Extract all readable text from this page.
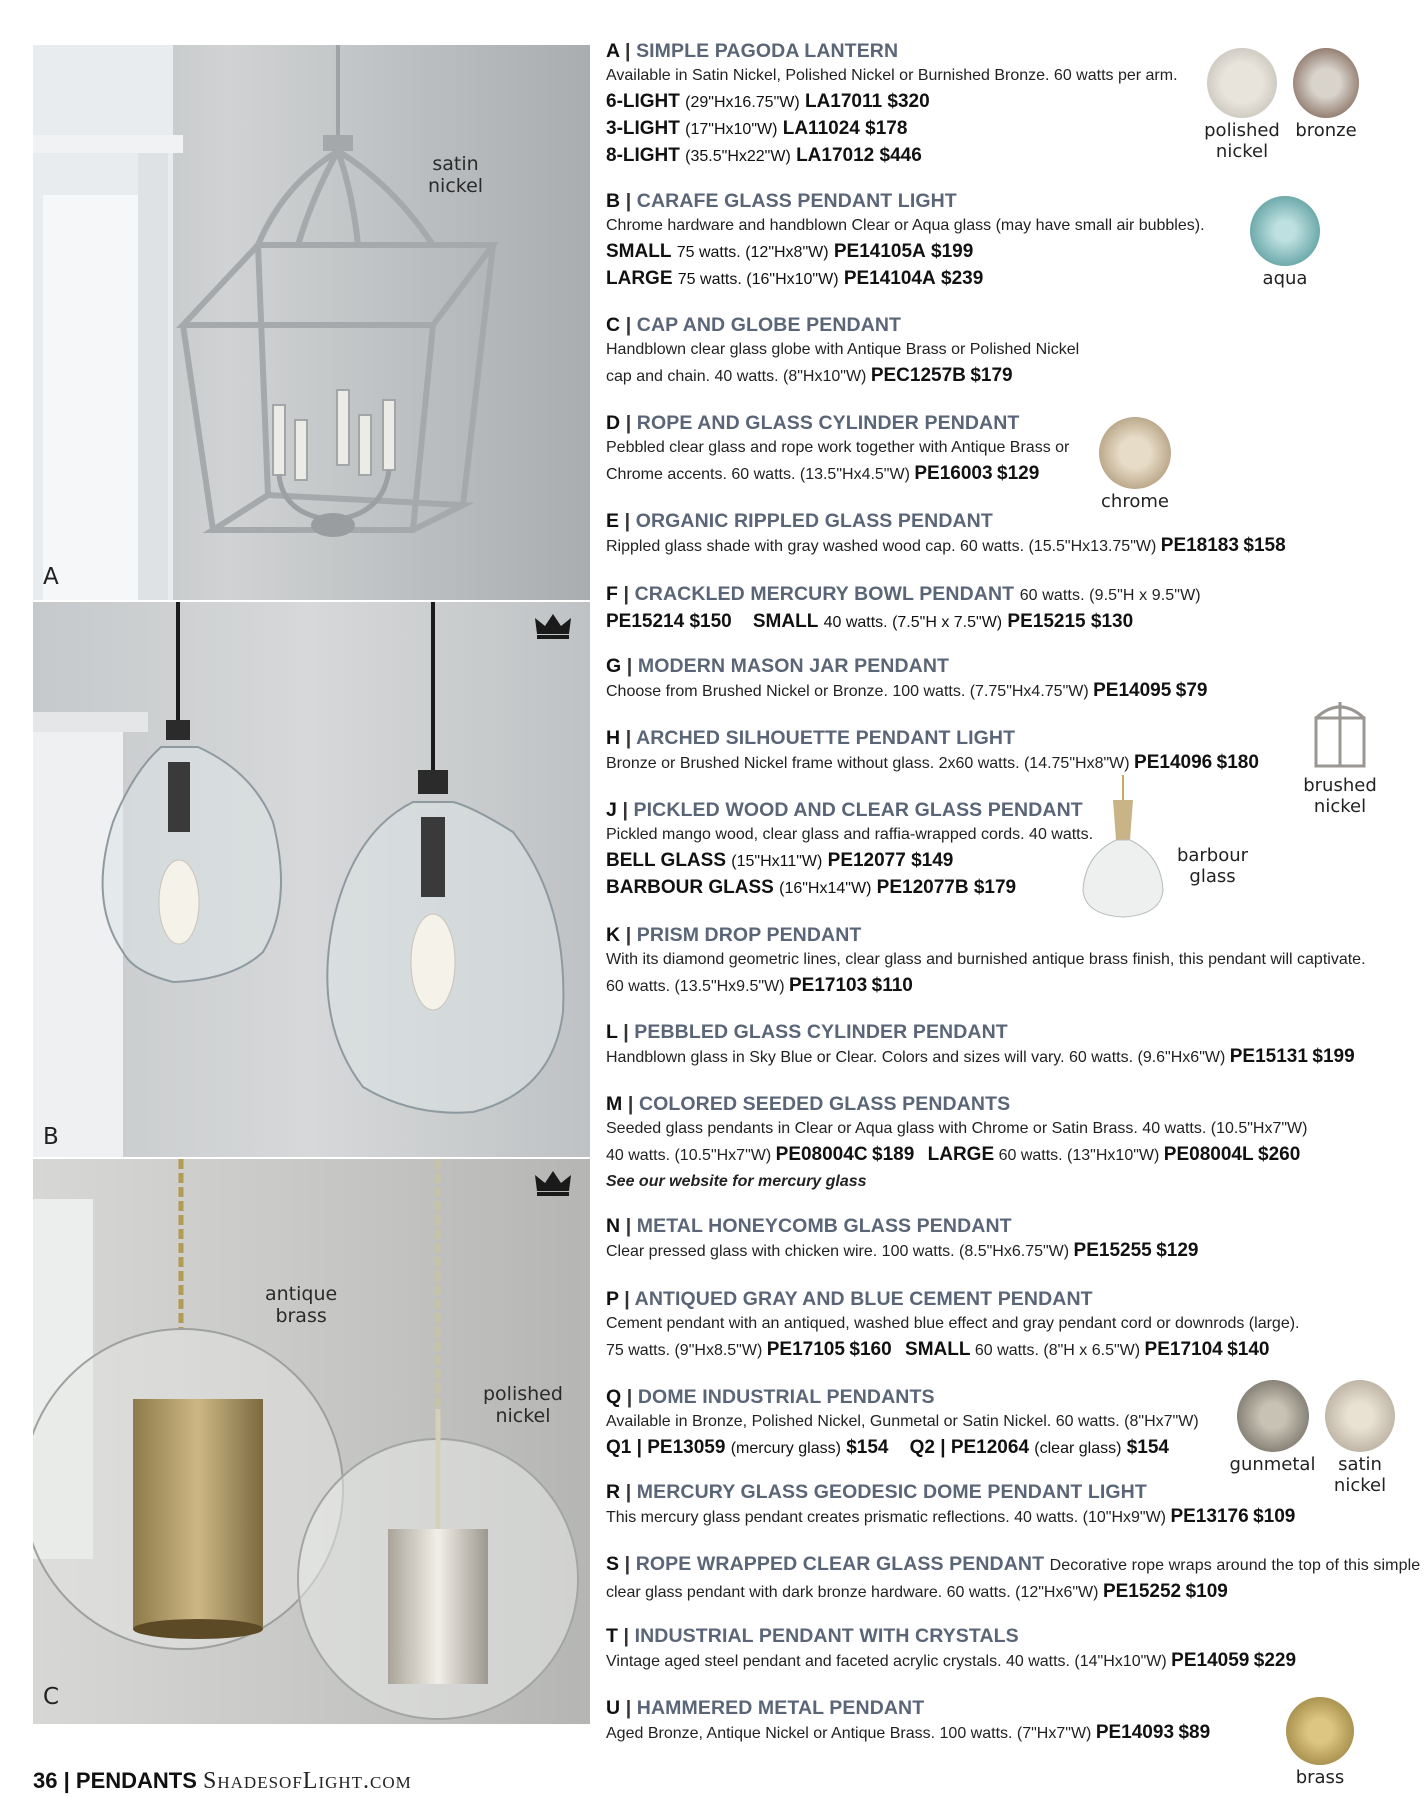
satin
nickel
A
B
antique
brass
polished
nickel
C
A | SIMPLE PAGODA LANTERN
Available in Satin Nickel, Polished Nickel or Burnished Bronze. 60 watts per arm.
6-LIGHT (29"Hx16.75"W) LA17011 $320
3-LIGHT (17"Hx10"W) LA11024 $178
8-LIGHT (35.5"Hx22"W) LA17012 $446
B | CARAFE GLASS PENDANT LIGHT
Chrome hardware and handblown Clear or Aqua glass (may have small air bubbles).
SMALL 75 watts. (12"Hx8"W) PE14105A $199
LARGE 75 watts. (16"Hx10"W) PE14104A $239
C | CAP AND GLOBE PENDANT
Handblown clear glass globe with Antique Brass or Polished Nickel
cap and chain. 40 watts. (8"Hx10"W) PEC1257B $179
D | ROPE AND GLASS CYLINDER PENDANT
Pebbled clear glass and rope work together with Antique Brass or
Chrome accents. 60 watts. (13.5"Hx4.5"W) PE16003 $129
E | ORGANIC RIPPLED GLASS PENDANT
Rippled glass shade with gray washed wood cap. 60 watts. (15.5"Hx13.75"W) PE18183 $158
F | CRACKLED MERCURY BOWL PENDANT 60 watts. (9.5"H x 9.5"W)
PE15214 $150 SMALL 40 watts. (7.5"H x 7.5"W) PE15215 $130
G | MODERN MASON JAR PENDANT
Choose from Brushed Nickel or Bronze. 100 watts. (7.75"Hx4.75"W) PE14095 $79
H | ARCHED SILHOUETTE PENDANT LIGHT
Bronze or Brushed Nickel frame without glass. 2x60 watts. (14.75"Hx8"W) PE14096 $180
J | PICKLED WOOD AND CLEAR GLASS PENDANT
Pickled mango wood, clear glass and raffia-wrapped cords. 40 watts.
BELL GLASS (15"Hx11"W) PE12077 $149
BARBOUR GLASS (16"Hx14"W) PE12077B $179
K | PRISM DROP PENDANT
With its diamond geometric lines, clear glass and burnished antique brass finish, this pendant will captivate.
60 watts. (13.5"Hx9.5"W) PE17103 $110
L | PEBBLED GLASS CYLINDER PENDANT
Handblown glass in Sky Blue or Clear. Colors and sizes will vary. 60 watts. (9.6"Hx6"W) PE15131 $199
M | COLORED SEEDED GLASS PENDANTS
Seeded glass pendants in Clear or Aqua glass with Chrome or Satin Brass. 40 watts. (10.5"Hx7"W)
40 watts. (10.5"Hx7"W) PE08004C $189 LARGE 60 watts. (13"Hx10"W) PE08004L $260
See our website for mercury glass
N | METAL HONEYCOMB GLASS PENDANT
Clear pressed glass with chicken wire. 100 watts. (8.5"Hx6.75"W) PE15255 $129
P | ANTIQUED GRAY AND BLUE CEMENT PENDANT
Cement pendant with an antiqued, washed blue effect and gray pendant cord or downrods (large).
75 watts. (9"Hx8.5"W) PE17105 $160 SMALL 60 watts. (8"H x 6.5"W) PE17104 $140
Q | DOME INDUSTRIAL PENDANTS
Available in Bronze, Polished Nickel, Gunmetal or Satin Nickel. 60 watts. (8"Hx7"W)
Q1 | PE13059 (mercury glass) $154 Q2 | PE12064 (clear glass) $154
R | MERCURY GLASS GEODESIC DOME PENDANT LIGHT
This mercury glass pendant creates prismatic reflections. 40 watts. (10"Hx9"W) PE13176 $109
S | ROPE WRAPPED CLEAR GLASS PENDANT Decorative rope wraps around the top of this simple
clear glass pendant with dark bronze hardware. 60 watts. (12"Hx6"W) PE15252 $109
T | INDUSTRIAL PENDANT WITH CRYSTALS
Vintage aged steel pendant and faceted acrylic crystals. 40 watts. (14"Hx10"W) PE14059 $229
U | HAMMERED METAL PENDANT
Aged Bronze, Antique Nickel or Antique Brass. 100 watts. (7"Hx7"W) PE14093 $89
polished
nickel
bronze
aqua
chrome
brushed
nickel
barbour
glass
gunmetal	satin
nickel
brass
36 | PENDANTS ShadesofLight.com
